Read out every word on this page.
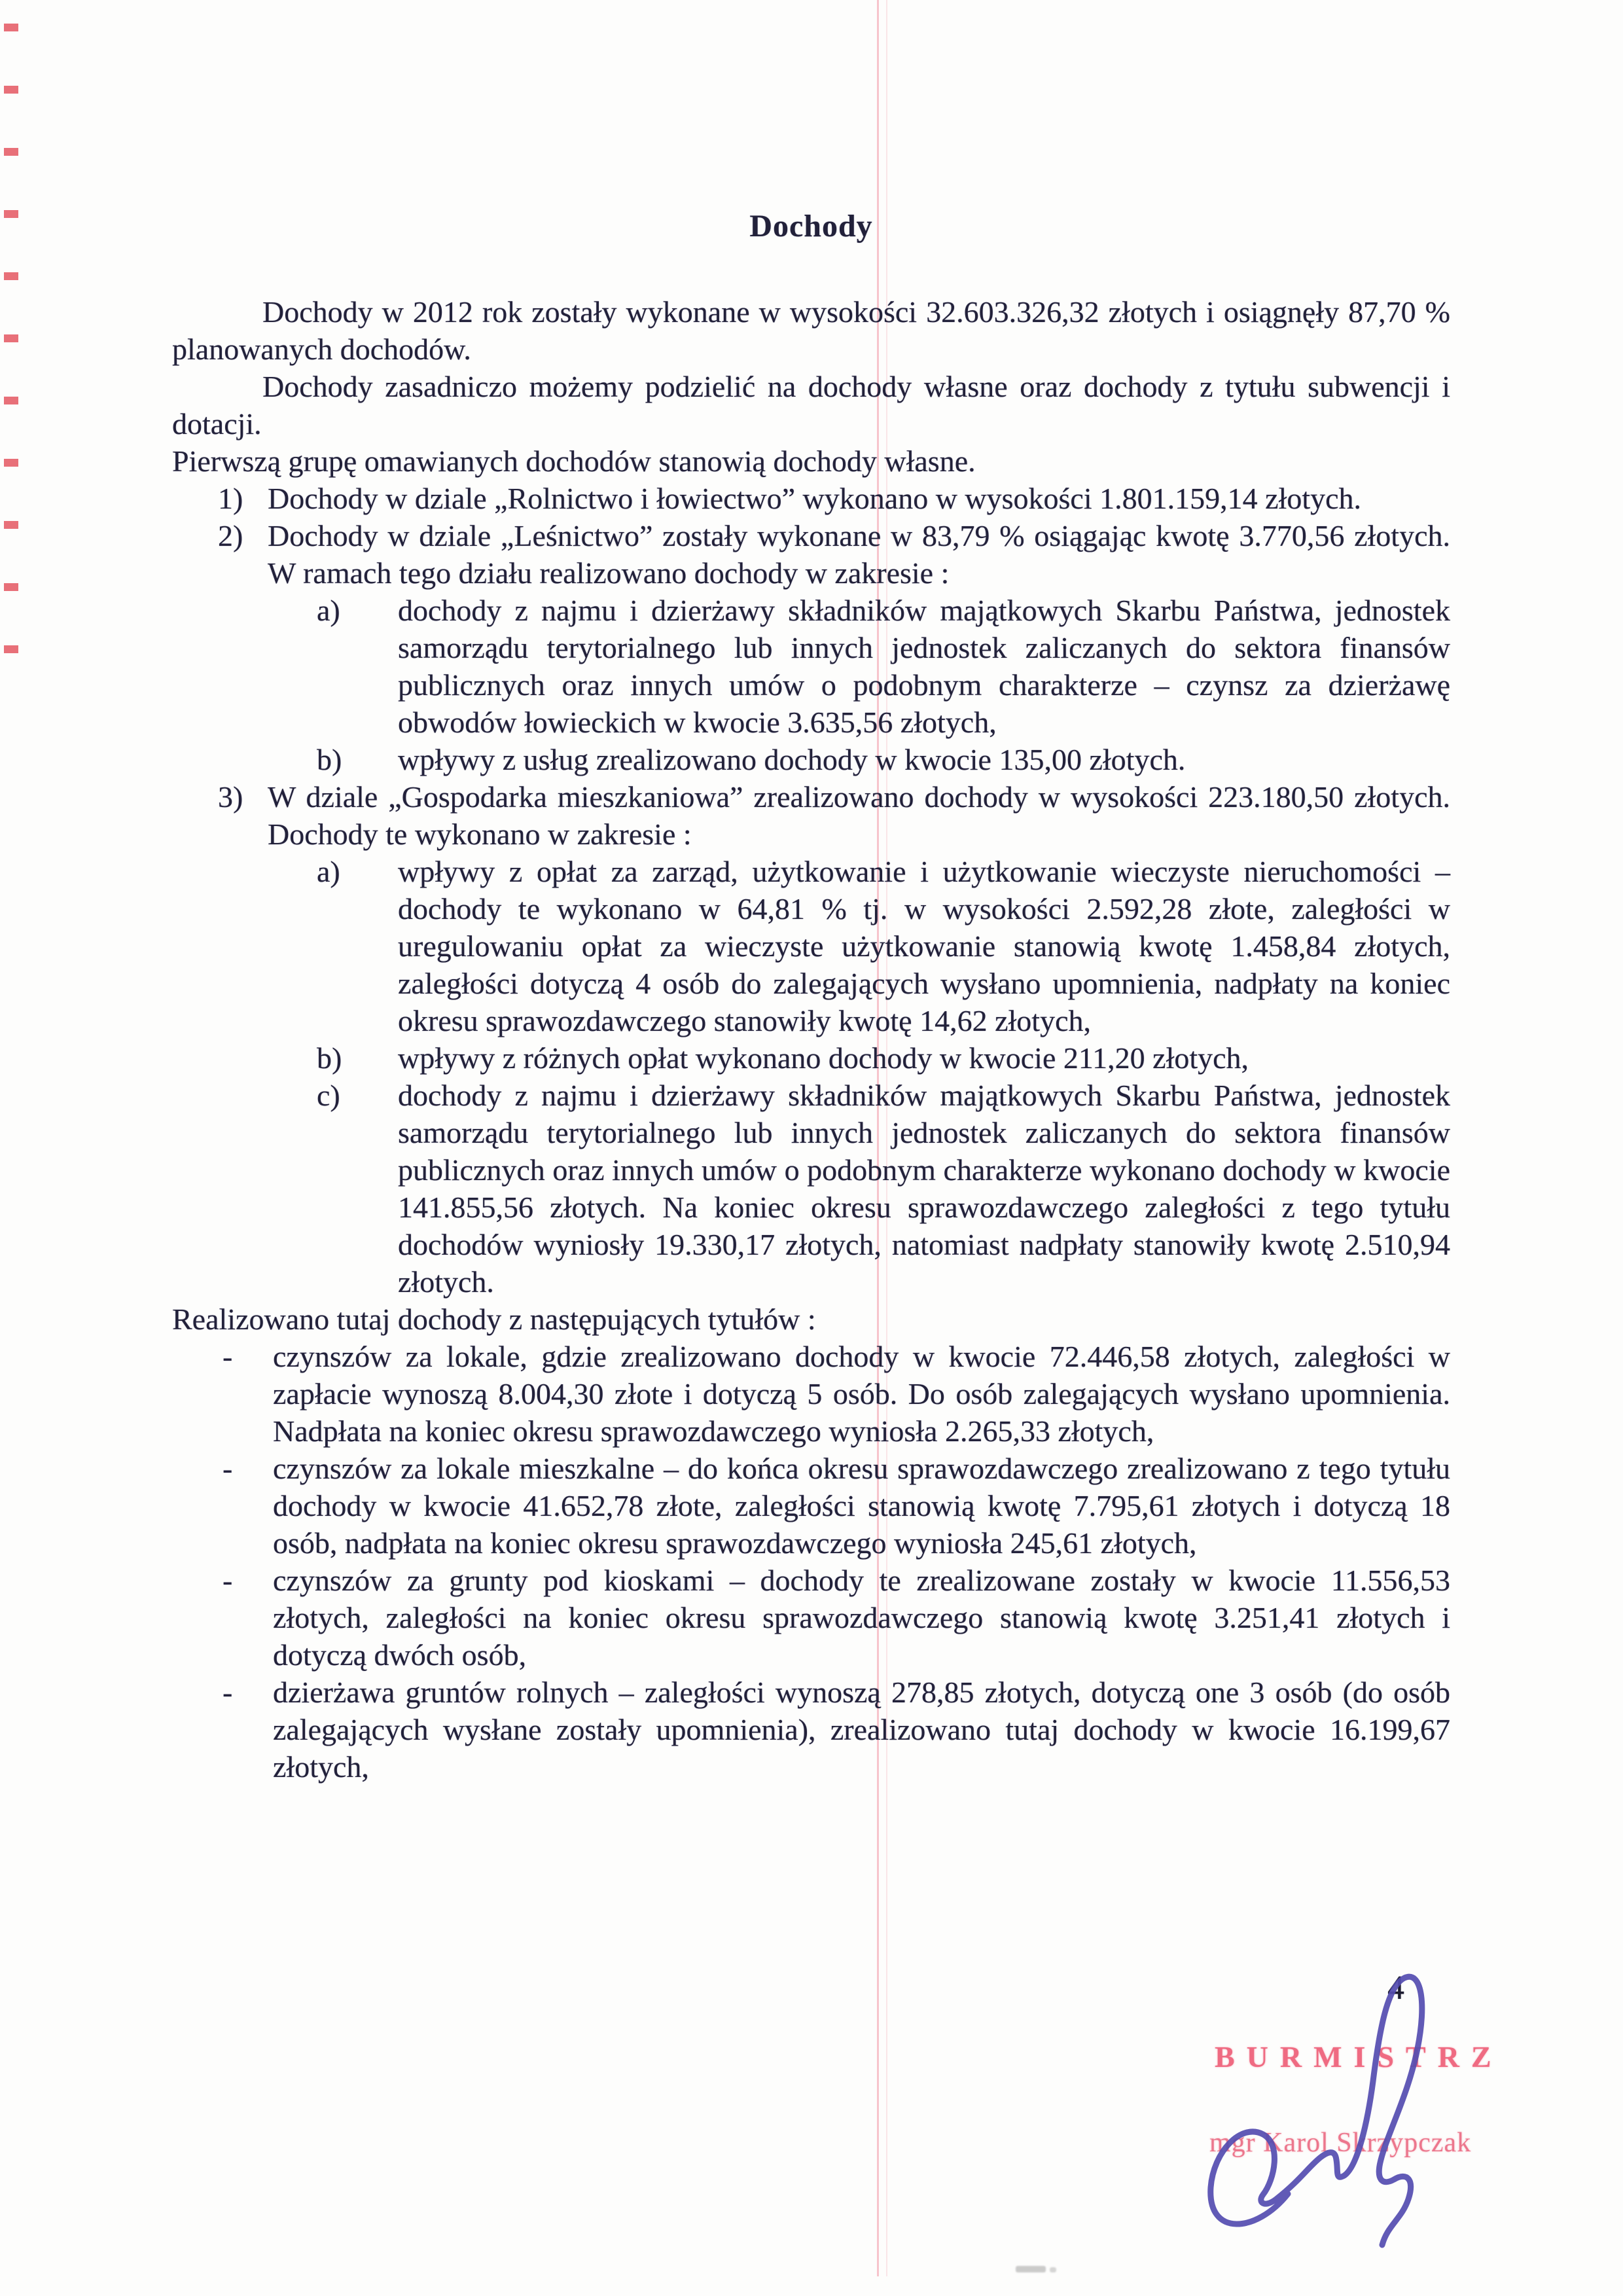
Dochody

Dochody w 2012 rok zostały wykonane w wysokości 32.603.326,32 złotych i osiągnęły 87,70 % planowanych dochodów.

Dochody zasadniczo możemy podzielić na dochody własne oraz dochody z tytułu subwencji i dotacji.

Pierwszą grupę omawianych dochodów stanowią dochody własne.

1) Dochody w dziale „Rolnictwo i łowiectwo” wykonano w wysokości 1.801.159,14 złotych.
2) Dochody w dziale „Leśnictwo” zostały wykonane w 83,79 % osiągając kwotę 3.770,56 złotych. W ramach tego działu realizowano dochody w zakresie :
a) dochody z najmu i dzierżawy składników majątkowych Skarbu Państwa, jednostek samorządu terytorialnego lub innych jednostek zaliczanych do sektora finansów publicznych oraz innych umów o podobnym charakterze – czynsz za dzierżawę obwodów łowieckich w kwocie 3.635,56 złotych,
b) wpływy z usług zrealizowano dochody w kwocie 135,00 złotych.
3) W dziale „Gospodarka mieszkaniowa” zrealizowano dochody w wysokości 223.180,50 złotych. Dochody te wykonano w zakresie :
a) wpływy z opłat za zarząd, użytkowanie i użytkowanie wieczyste nieruchomości – dochody te wykonano w 64,81 % tj. w wysokości 2.592,28 złote, zaległości w uregulowaniu opłat za wieczyste użytkowanie stanowią kwotę 1.458,84 złotych, zaległości dotyczą 4 osób do zalegających wysłano upomnienia, nadpłaty na koniec okresu sprawozdawczego stanowiły kwotę 14,62 złotych,
b) wpływy z różnych opłat wykonano dochody w kwocie 211,20 złotych,
c) dochody z najmu i dzierżawy składników majątkowych Skarbu Państwa, jednostek samorządu terytorialnego lub innych jednostek zaliczanych do sektora finansów publicznych oraz innych umów o podobnym charakterze wykonano dochody w kwocie 141.855,56 złotych. Na koniec okresu sprawozdawczego zaległości z tego tytułu dochodów wyniosły 19.330,17 złotych, natomiast nadpłaty stanowiły kwotę 2.510,94 złotych.

Realizowano tutaj dochody z następujących tytułów :

- czynszów za lokale, gdzie zrealizowano dochody w kwocie 72.446,58 złotych, zaległości w zapłacie wynoszą 8.004,30 złote i dotyczą 5 osób. Do osób zalegających wysłano upomnienia. Nadpłata na koniec okresu sprawozdawczego wyniosła 2.265,33 złotych,
- czynszów za lokale mieszkalne – do końca okresu sprawozdawczego zrealizowano z tego tytułu dochody w kwocie 41.652,78 złote, zaległości stanowią kwotę 7.795,61 złotych i dotyczą 18 osób, nadpłata na koniec okresu sprawozdawczego wyniosła 245,61 złotych,
- czynszów za grunty pod kioskami – dochody te zrealizowane zostały w kwocie 11.556,53 złotych, zaległości na koniec okresu sprawozdawczego stanowią kwotę 3.251,41 złotych i dotyczą dwóch osób,
- dzierżawa gruntów rolnych – zaległości wynoszą 278,85 złotych, dotyczą one 3 osób (do osób zalegających wysłane zostały upomnienia), zrealizowano tutaj dochody w kwocie 16.199,67 złotych,
4
BURMISTRZ
mgr Karol Skrzypczak
